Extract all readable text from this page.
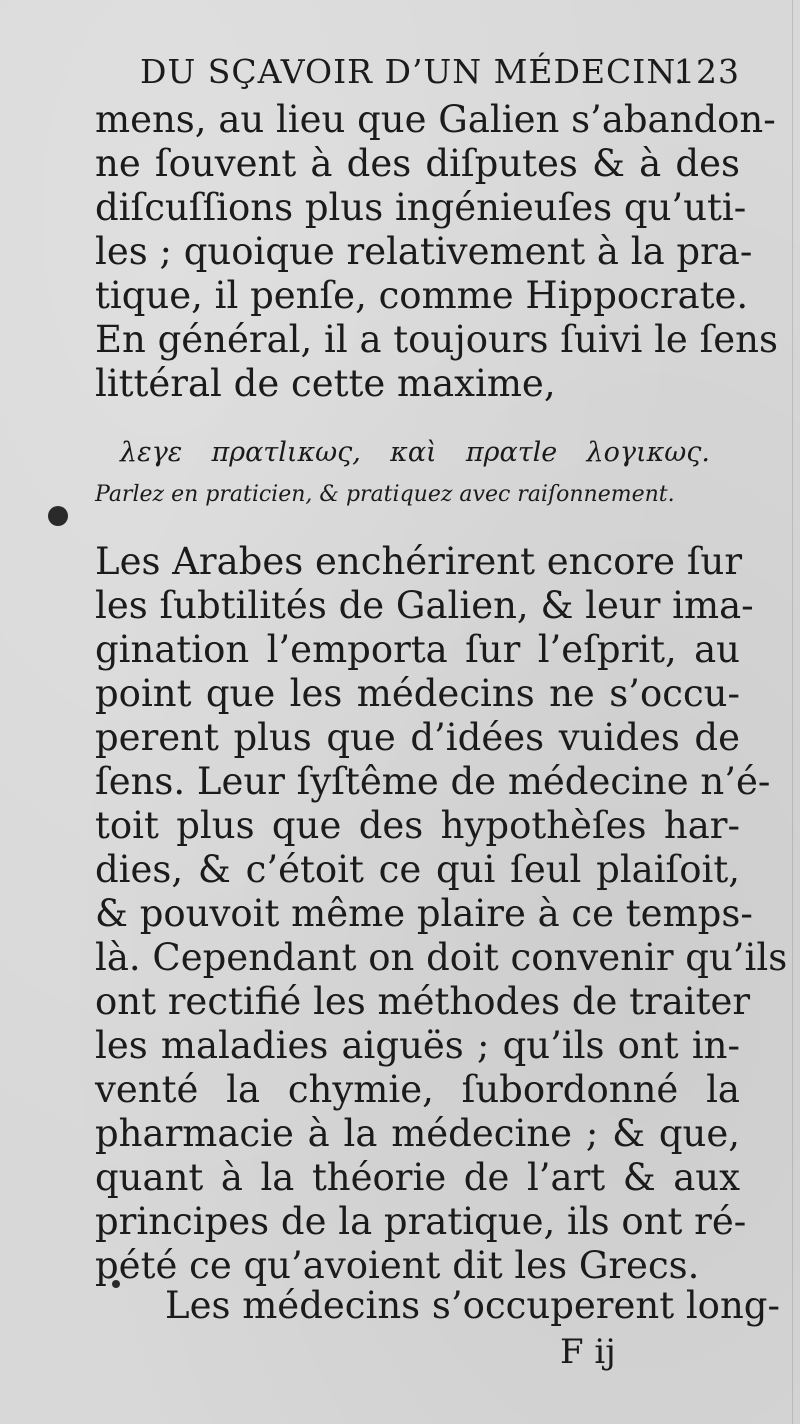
DU SÇAVOIR D’UN MÉDECIN.
123
mens, au lieu que Galien s’abandon-
ne ſouvent à des diſputes & à des
diſcuſſions plus ingénieuſes qu’uti-
les ; quoique relativement à la pra-
tique, il penſe, comme Hippocrate.
En général, il a toujours ſuivi le ſens
littéral de cette maxime,
λεγε πρατlικως, καὶ πρατle λογικως.
Parlez en praticien, & pratiquez avec raiſonnement.
Les Arabes enchérirent encore ſur
les ſubtilités de Galien, & leur ima-
gination l’emporta ſur l’eſprit, au
point que les médecins ne s’occu-
perent plus que d’idées vuides de
ſens. Leur ſyſtême de médecine n’é-
toit plus que des hypothèſes har-
dies, & c’étoit ce qui ſeul plaiſoit,
& pouvoit même plaire à ce temps-
là. Cependant on doit convenir qu’ils
ont rectifié les méthodes de traiter
les maladies aiguës ; qu’ils ont in-
venté la chymie, ſubordonné la
pharmacie à la médecine ; & que,
quant à la théorie de l’art & aux
principes de la pratique, ils ont ré-
pété ce qu’avoient dit les Grecs.
Les médecins s’occuperent long-
F ij
